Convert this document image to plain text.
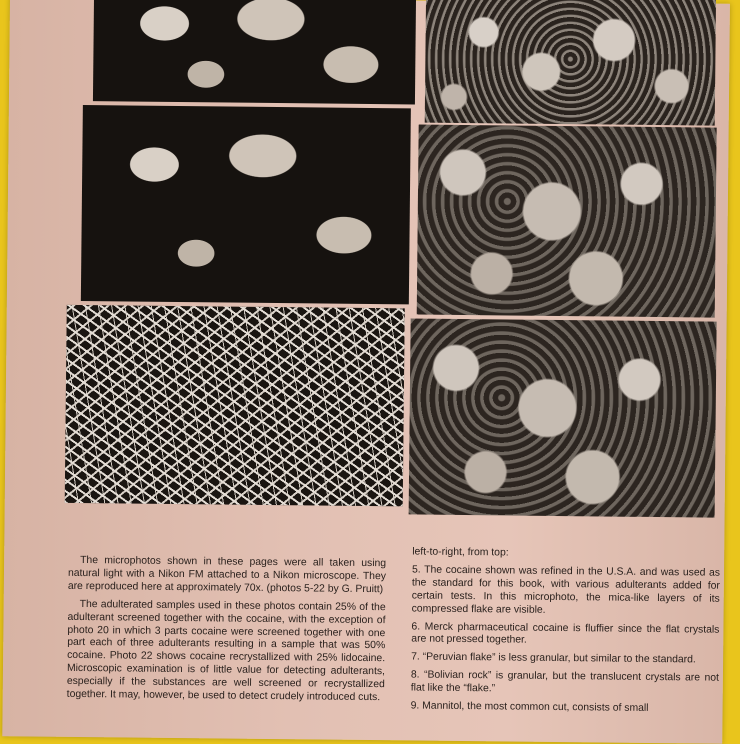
The microphotos shown in these pages were all taken using natural light with a Nikon FM attached to a Nikon microscope. They are reproduced here at approximately 70x. (photos 5-22 by G. Pruitt)

The adulterated samples used in these photos contain 25% of the adulterant screened together with the cocaine, with the exception of photo 20 in which 3 parts cocaine were screened together with one part each of three adulterants resulting in a sample that was 50% cocaine. Photo 22 shows cocaine recrystallized with 25% lidocaine. Microscopic examination is of little value for detecting adulterants, especially if the substances are well screened or recrystallized together. It may, however, be used to detect crudely introduced cuts.

left-to-right, from top:

5. The cocaine shown was refined in the U.S.A. and was used as the standard for this book, with various adulterants added for certain tests. In this microphoto, the mica-like layers of its compressed flake are visible.

6. Merck pharmaceutical cocaine is fluffier since the flat crystals are not pressed together.

7. “Peruvian flake” is less granular, but similar to the standard.

8. “Bolivian rock” is granular, but the translucent crystals are not flat like the “flake.”

9. Mannitol, the most common cut, consists of small
